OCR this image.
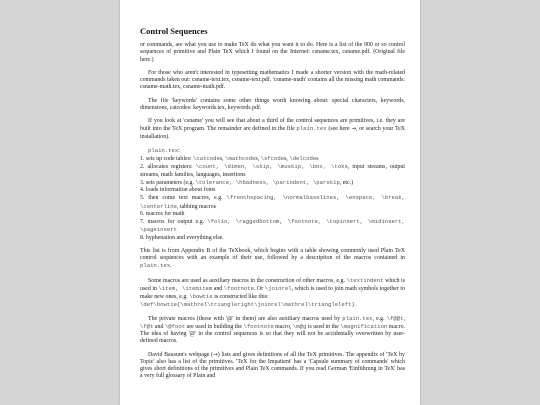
Control Sequences

or commands, are what you use to make TeX do what you want it to do. Here is a list of the 900 or so control sequences of primitive and Plain TeX which I found on the Internet: csname.tex, csname.pdf. (Original file here.)

For those who aren't interested in typesetting mathematics I made a shorter version with the math-related commands taken out: csname-text.tex, csname-text.pdf. 'csname-math' contains all the missing math commands: csname-math.tex, csname-math.pdf.

The file 'keywords' contains some other things worth knowing about: special characters, keywords, dimensions, catcodes: keywords.tex, keywords.pdf.

If you look at 'csname' you will see that about a third of the control sequences are primitives, i.e. they are built into the TeX program. The remainder are defined in the file plain.tex (see here →, or search your TeX installation).

plain.tex:
1. sets up code tables: \catcodes, \mathcodes, \sfcodes, \delcodes
2. allocates registers: \count, \dimen, \skip, \muskip, \box, \toks, input streams, output streams, math families, languages, insertions
3. sets parameters (e.g. \tolerance, \hbadness, \parindent, \parskip, etc.)
4. loads information about fonts
5. then come text macros, e.g. \frenchspacing, \normalbaselines, \enspace, \break, \centerline, tabbing macros
6. macros for math
7. macros for output e.g. \folio, \raggedbottom, \footnote, \topinsert, \midinsert, \pageinsert
8. hyphenation and everything else.

This list is from Appendix B of the TeXbook, which begins with a table showing commonly used Plain TeX control sequences with an example of their use, followed by a description of the macros contained in plain.tex.

Some macros are used as auxiliary macros in the construction of other macros, e.g. \textindent which is used in \item, \itemitem and \footnote. Or \joinrel, which is used to join math symbols together to make new ones, e.g. \bowtie is constructed like this:

\def\bowtie{\mathrel\triangleright\joinrel\mathrel\triangleleft}.

The private macros (those with '@' in them) are also auxiliary macros used by plain.tex, e.g. \f@@t, \f@t and \@foot are used in building the \footnote macro, \m@g is used in the \magnification macro. The idea of having '@' in the control sequences is so that they will not be accidentally overwritten by user-defined macros.

David Bausum's webpage (→) lists and gives definitions of all the TeX primitives. The appendix of 'TeX by Topic' also has a list of the primitives. 'TeX for the Impatient' has a 'Capsule summary of commands' which gives short definitions of the primitives and Plain TeX commands. If you read German 'Einführung in TeX' has a very full glossary of Plain and
